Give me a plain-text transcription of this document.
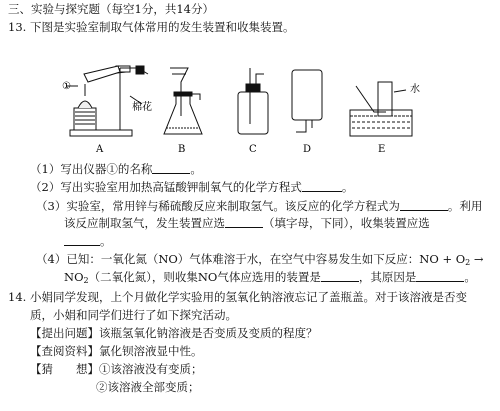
三、实验与探究题（每空1分，共14分）
13. 下图是实验室制取气体常用的发生装置和收集装置。
①
棉花
水
A	B	C	D	E
（1）写出仪器①的名称	。
（2）写出实验室用加热高锰酸钾制氧气的化学方程式	。
（3）实验室，常用锌与稀硫酸反应来制取氢气。该反应的化学方程式为	。利用
该反应制取氢气，发生装置应选	（填字母，下同），收集装置应选
。
（4）已知：一氧化氮（NO）气体难溶于水，在空气中容易发生如下反应：NO + $O_2$ →
$NO_2$（二氧化氮），则收集NO气体应选用的装置是	，其原因是	。
14. 小娟同学发现，上个月做化学实验用的氢氧化钠溶液忘记了盖瓶盖。对于该溶液是否变
质，小娟和同学们进行了如下探究活动。
【提出问题】该瓶氢氧化钠溶液是否变质及变质的程度？
【查阅资料】氯化钡溶液显中性。
【猜　　想】①该溶液没有变质；
②该溶液全部变质；
